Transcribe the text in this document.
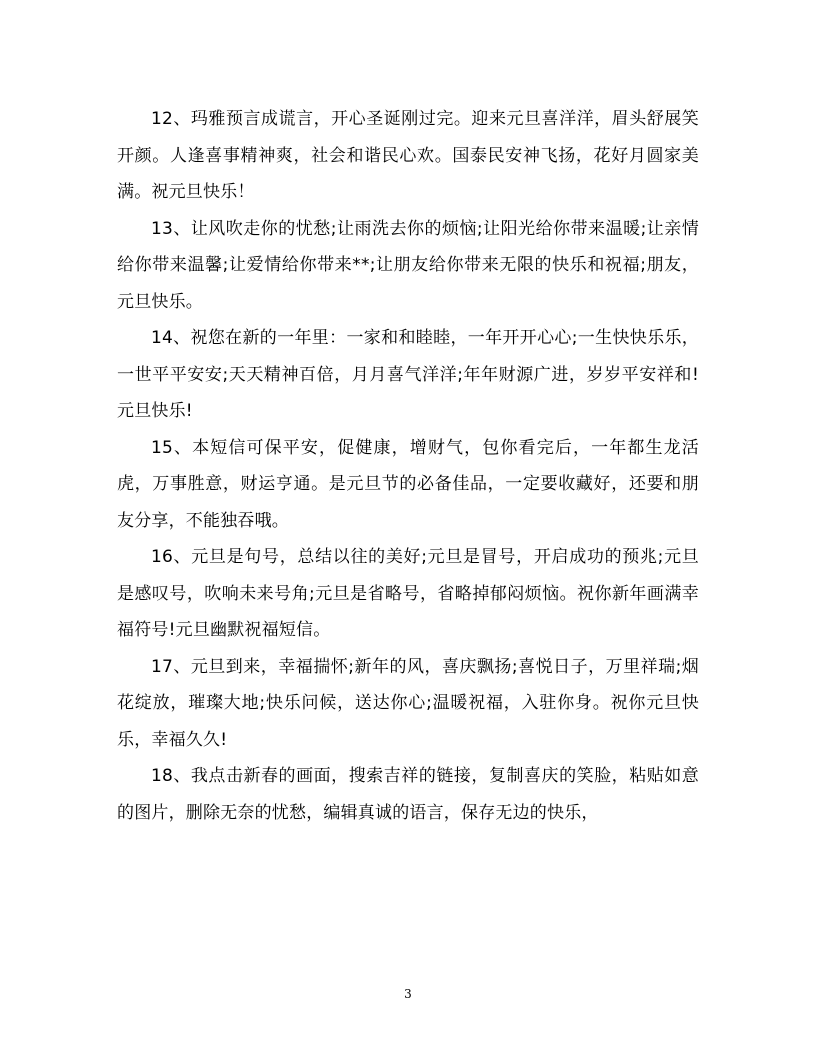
12、玛雅预言成谎言，开心圣诞刚过完。迎来元旦喜洋洋，眉头舒展笑开颜。人逢喜事精神爽，社会和谐民心欢。国泰民安神飞扬，花好月圆家美满。祝元旦快乐！

13、让风吹走你的忧愁;让雨洗去你的烦恼;让阳光给你带来温暖;让亲情给你带来温馨;让爱情给你带来**;让朋友给你带来无限的快乐和祝福;朋友，元旦快乐。

14、祝您在新的一年里：一家和和睦睦，一年开开心心;一生快快乐乐，一世平平安安;天天精神百倍，月月喜气洋洋;年年财源广进，岁岁平安祥和!元旦快乐!

15、本短信可保平安，促健康，增财气，包你看完后，一年都生龙活虎，万事胜意，财运亨通。是元旦节的必备佳品，一定要收藏好，还要和朋友分享，不能独吞哦。

16、元旦是句号，总结以往的美好;元旦是冒号，开启成功的预兆;元旦是感叹号，吹响未来号角;元旦是省略号，省略掉郁闷烦恼。祝你新年画满幸福符号!元旦幽默祝福短信。

17、元旦到来，幸福揣怀;新年的风，喜庆飘扬;喜悦日子，万里祥瑞;烟花绽放，璀璨大地;快乐问候，送达你心;温暖祝福，入驻你身。祝你元旦快乐，幸福久久!

18、我点击新春的画面，搜索吉祥的链接，复制喜庆的笑脸，粘贴如意的图片，删除无奈的忧愁，编辑真诚的语言，保存无边的快乐，

3
